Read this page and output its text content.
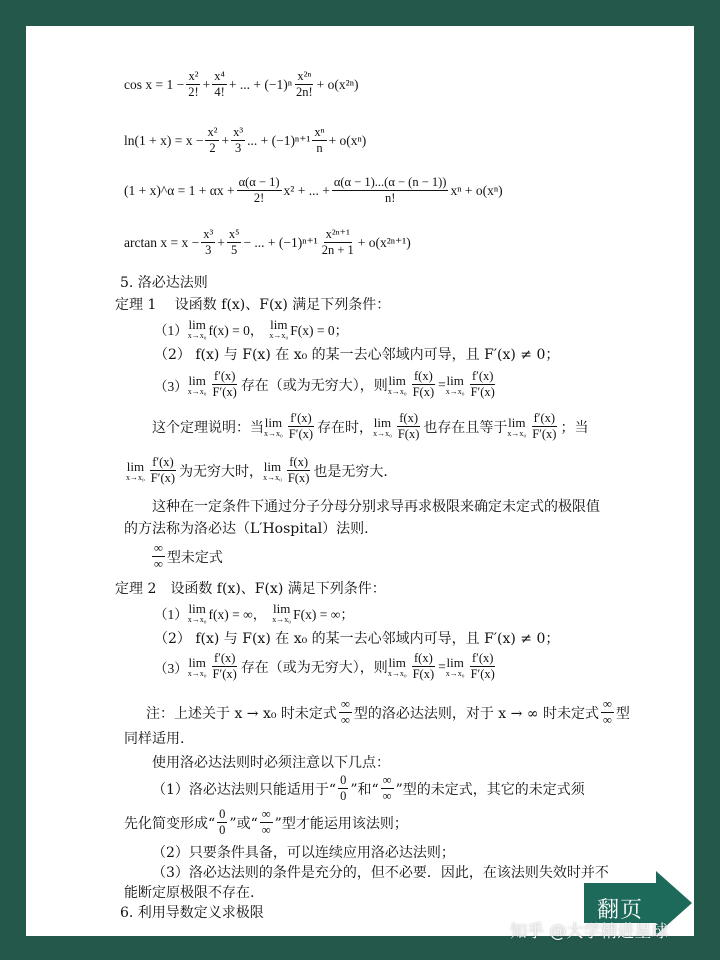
$\cos x = 1 - \frac{\text{x²}}{2!} + \frac{\text{x⁴}}{4!}$ + ... + (−1)ⁿ
x²ⁿ
2n!
+ o(x²ⁿ)
$\ln(1 + x) = x - \frac{\text{x²}}{2} + \frac{\text{x³}}{3}$ ... + (−1)ⁿ⁺¹
xⁿ
n
+ o(xⁿ)
(1 + x)^α = $1 + \alpha x + \frac{\alpha(\alpha - 1)}{2!} x^2$ + ... + $\frac{\alpha(\alpha - 1)...(\alpha - (n - 1))}{n!}$ xⁿ + o(xⁿ)
$\arctan x = x - \frac{\text{x³}}{3} + \frac{\text{x⁵}}{5}$ − ... + (−1)ⁿ⁺¹
x²ⁿ⁺¹
2n + 1
+ o(x²ⁿ⁺¹)
5. 洛必达法则
定理 1　 设函数 f(x)、F(x) 满足下列条件：
（1） lim
x→x₀ f(x) = 0， lim
x→x₀ F(x) = 0；
（2） f(x) 与 F(x) 在 x₀ 的某一去心邻域内可导，且 F′(x) ≠ 0；
（3） lim
x→x₀
f′(x)
F′(x) 存在（或为无穷大），则 lim
$x\to x_0 \frac{f(x)}{F(x)} = \lim$
x→x₀
f′(x)
F′(x)
这个定理说明：当 lim
x→x₀
f′(x)
F′(x) 存在时， lim
x→x₀
f(x)
F(x) 也存在且等于 lim
x→x₀
f′(x)
F′(x) ；当
lim
x→x₀
f′(x)
F′(x) 为无穷大时， lim
x→x₀
f(x)
F(x) 也是无穷大.
这种在一定条件下通过分子分母分别求导再求极限来确定未定式的极限值
的方法称为洛必达（L′Hospital）法则.
∞
∞ 型未定式
定理 2　设函数 f(x)、F(x) 满足下列条件：
（1） lim
x→x₀ f(x) = ∞， lim
x→x₀ F(x) = ∞；
（2） f(x) 与 F(x) 在 x₀ 的某一去心邻域内可导，且 F′(x) ≠ 0；
（3） lim
x→x₀
f′(x)
F′(x) 存在（或为无穷大），则 lim
$x\to x_0 \frac{f(x)}{F(x)} = \lim$
x→x₀
f′(x)
F′(x)
注：上述关于 x → x₀ 时未定式
∞
∞ 型的洛必达法则，对于 x → ∞ 时未定式
∞
∞ 型
同样适用.
使用洛必达法则时必须注意以下几点：
（1）洛必达法则只能适用于“
0
0 ”和“
∞
∞ ”型的未定式，其它的未定式须
先化简变形成“
0
0 ”或“
∞
∞ ”型才能运用该法则；
（2）只要条件具备，可以连续应用洛必达法则；
（3）洛必达法则的条件是充分的，但不必要．因此，在该法则失效时并不
能断定原极限不存在.
6. 利用导数定义求极限	翻页
知乎 @大学精进星球
